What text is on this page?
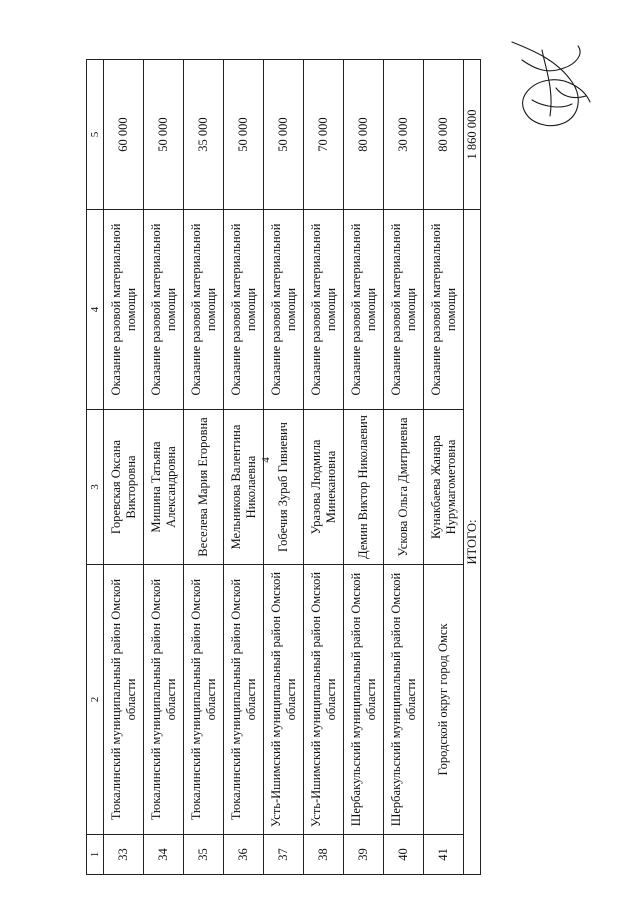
4
1	2	3	4	5
33	Тюкалинский муниципальный район Омской области	Горевская Оксана Викторовна	Оказание разовой материальной помощи	60 000
34	Тюкалинский муниципальный район Омской области	Мишина Татьяна Александровна	Оказание разовой материальной помощи	50 000
35	Тюкалинский муниципальный район Омской области	Веселева Мария Егоровна	Оказание разовой материальной помощи	35 000
36	Тюкалинский муниципальный район Омской области	Мельникова Валентина Николаевна	Оказание разовой материальной помощи	50 000
37	Усть-Ишимский муниципальный район Омской области	Гобечия Зураб Гивиевич	Оказание разовой материальной помощи	50 000
38	Усть-Ишимский муниципальный район Омской области	Уразова Людмила Минекановна	Оказание разовой материальной помощи	70 000
39	Шербакульский муниципальный район Омской области	Демин Виктор Николаевич	Оказание разовой материальной помощи	80 000
40	Шербакульский муниципальный район Омской области	Ускова Ольга Дмитриевна	Оказание разовой материальной помощи	30 000
41	Городской округ город Омск	Кунакбаева Жанара Нурумагометовна	Оказание разовой материальной помощи	80 000
ИТОГО:				1 860 000
